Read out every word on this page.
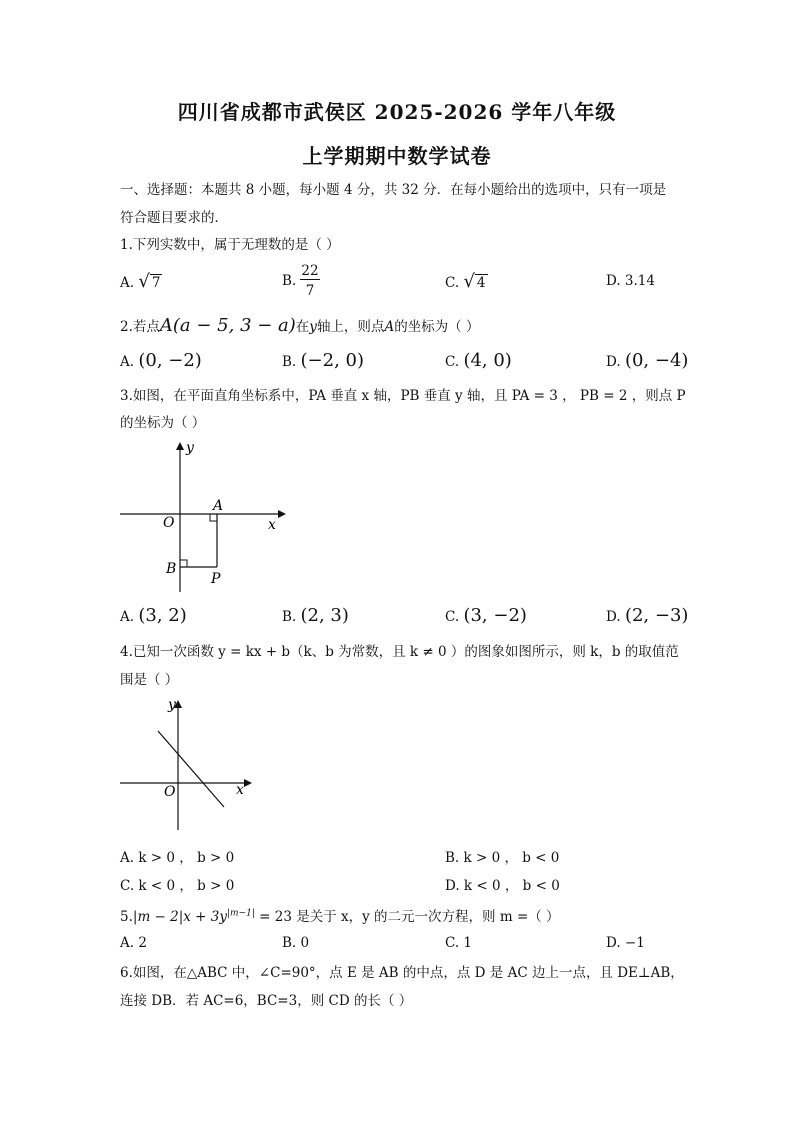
四川省成都市武侯区 2025-2026 学年八年级
上学期期中数学试卷
一、选择题：本题共 8 小题，每小题 4 分，共 32 分．在每小题给出的选项中，只有一项是
符合题目要求的．
1.下列实数中，属于无理数的是（ ）
A. √ 7	B.
22
7	C. √ 4	D. 3.14
2.若点A(a − 5, 3 − a)在y轴上，则点A的坐标为（ ）
A. (0, −2)	B. (−2, 0)	C. (4, 0)	D. (0, −4)
3.如图，在平面直角坐标系中，PA 垂直 x 轴，PB 垂直 y 轴，且 PA = 3 ， PB = 2 ，则点 P
的坐标为（ ）
y
x
O
A
B
P
A. (3, 2)	B. (2, 3)	C. (3, −2)	D. (2, −3)
4.已知一次函数 y = kx + b（k、b 为常数，且 k ≠ 0 ）的图象如图所示，则 k，b 的取值范
围是（ ）
y
x
O
A. k > 0 ， b > 0	B. k > 0 ， b < 0
C. k < 0 ， b > 0	D. k < 0 ， b < 0
$5.|m - 2|x + 3y^{|m-1|} = 23$ 是关于 x，y 的二元一次方程，则 m =（ ）
A. 2	B. 0	C. 1	D. −1
6.如图，在△ABC 中，∠C=90°，点 E 是 AB 的中点，点 D 是 AC 边上一点，且 DE⊥AB，
连接 DB．若 AC=6，BC=3，则 CD 的长（ ）
